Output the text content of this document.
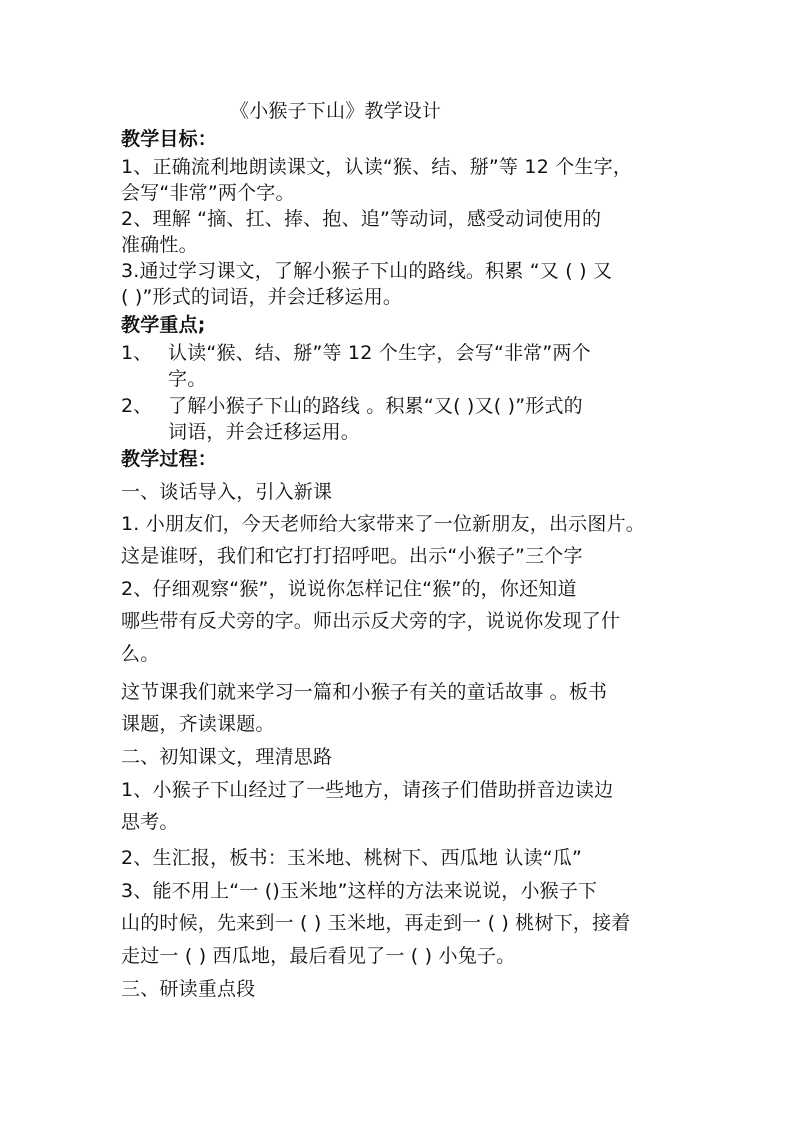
《小猴子下山》教学设计
教学目标：
1、正确流利地朗读课文，认读“猴、结、掰”等 12 个生字，
会写“非常”两个字。
2、理解 “摘、扛、捧、抱、追”等动词，感受动词使用的
准确性。
3.通过学习课文，了解小猴子下山的路线。积累 “又 ( ) 又
( )”形式的词语，并会迁移运用。
教学重点;
1、 认读“猴、结、掰”等 12 个生字，会写“非常”两个
字。
2、 了解小猴子下山的路线 。积累“又( )又( )”形式的
词语，并会迁移运用。
教学过程：
一、谈话导入，引入新课
1. 小朋友们，今天老师给大家带来了一位新朋友，出示图片。
这是谁呀，我们和它打打招呼吧。出示“小猴子”三个字
2、仔细观察“猴”，说说你怎样记住“猴”的，你还知道
哪些带有反犬旁的字。师出示反犬旁的字，说说你发现了什
么。
这节课我们就来学习一篇和小猴子有关的童话故事 。板书
课题，齐读课题。
二、初知课文，理清思路
1、小猴子下山经过了一些地方，请孩子们借助拼音边读边
思考。
2、生汇报，板书：玉米地、桃树下、西瓜地 认读“瓜”
3、能不用上“一 ()玉米地”这样的方法来说说，小猴子下
山的时候，先来到一 ( ) 玉米地，再走到一 ( ) 桃树下，接着
走过一 ( ) 西瓜地，最后看见了一 ( ) 小兔子。
三、研读重点段
